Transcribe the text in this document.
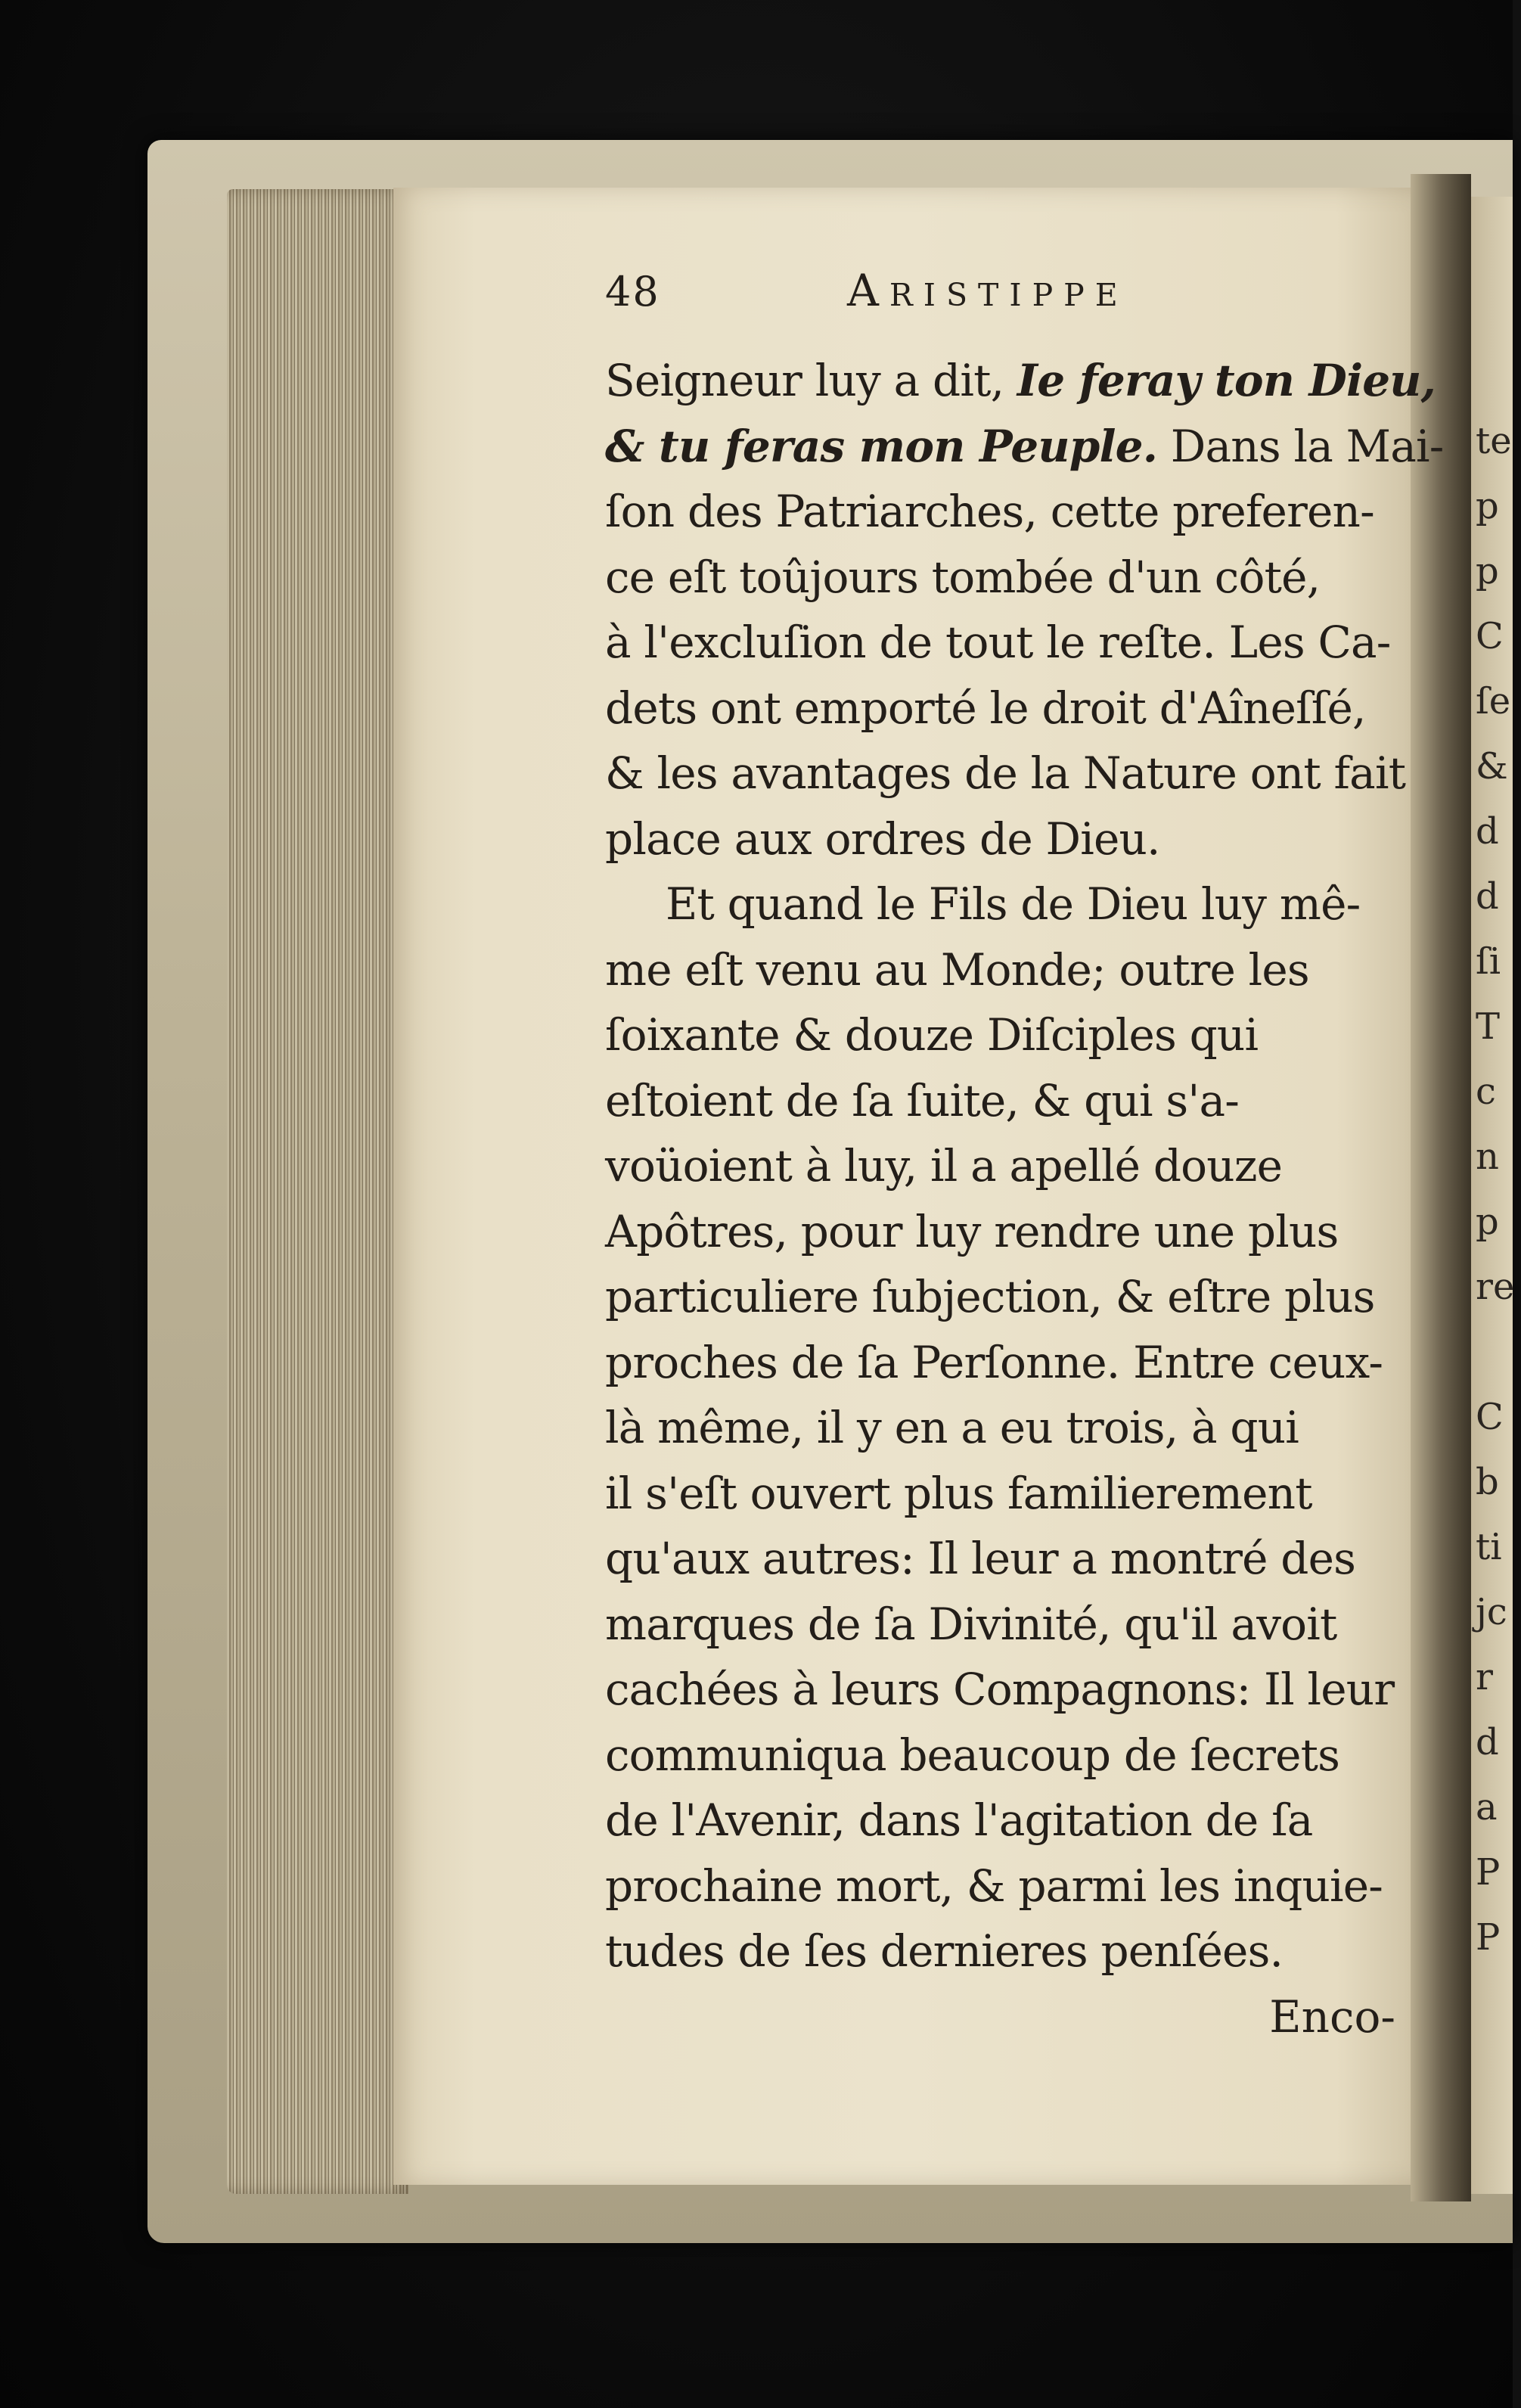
te
p
p
C
ſe
&
d
d
ſi
T
c
n
p
re
C
b
ti
jc
r
d
a
P
P
48	Aristippe
Seigneur luy a dit, Ie feray ton Dieu,
& tu feras mon Peuple. Dans la Mai-
ſon des Patriarches, cette preferen-
ce eſt toûjours tombée d'un côté,
à l'excluſion de tout le reſte. Les Ca-
dets ont emporté le droit d'Aîneſſé,
& les avantages de la Nature ont fait
place aux ordres de Dieu.
Et quand le Fils de Dieu luy mê-
me eſt venu au Monde; outre les
ſoixante & douze Diſciples qui
eſtoient de ſa ſuite, & qui s'a-
voüoient à luy, il a apellé douze
Apôtres, pour luy rendre une plus
particuliere ſubjection, & eſtre plus
proches de ſa Perſonne. Entre ceux-
là même, il y en a eu trois, à qui
il s'eſt ouvert plus familierement
qu'aux autres: Il leur a montré des
marques de ſa Divinité, qu'il avoit
cachées à leurs Compagnons: Il leur
communiqua beaucoup de ſecrets
de l'Avenir, dans l'agitation de ſa
prochaine mort, & parmi les inquie-
tudes de ſes dernieres penſées.
Enco-
